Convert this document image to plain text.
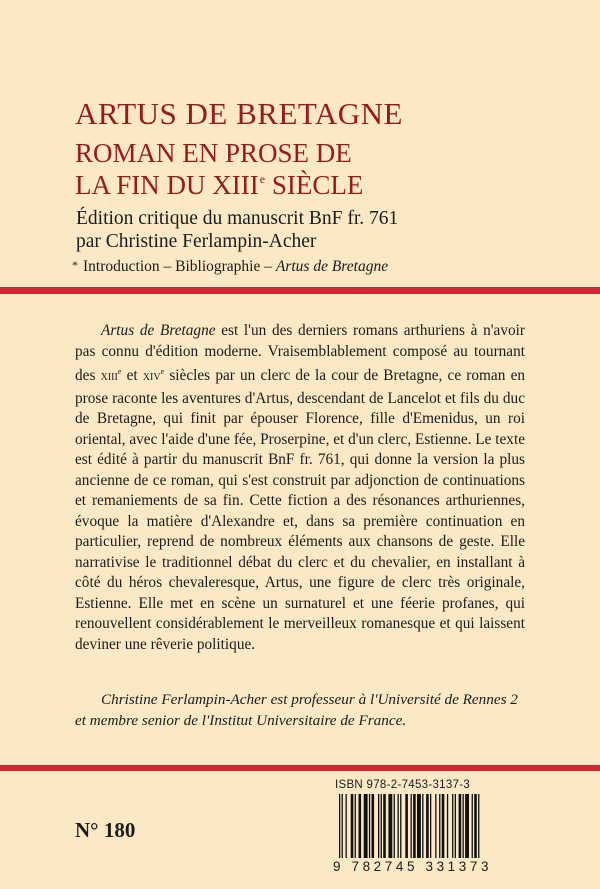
ARTUS DE BRETAGNE
ROMAN EN PROSE DE
LA FIN DU XIIIe SIÈCLE
Édition critique du manuscrit BnF fr. 761
par Christine Ferlampin-Acher
* Introduction – Bibliographie – Artus de Bretagne

Artus de Bretagne est l'un des derniers romans arthuriens à n'avoir pas connu d'édition moderne. Vraisemblablement composé au tournant des XIIIe et XIVe siècles par un clerc de la cour de Bretagne, ce roman en prose raconte les aventures d'Artus, descendant de Lancelot et fils du duc de Bretagne, qui finit par épouser Florence, fille d'Emenidus, un roi oriental, avec l'aide d'une fée, Proserpine, et d'un clerc, Estienne. Le texte est édité à partir du manuscrit BnF fr. 761, qui donne la version la plus ancienne de ce roman, qui s'est construit par adjonction de continuations et remaniements de sa fin. Cette fiction a des résonances arthuriennes, évoque la matière d'Alexandre et, dans sa première continuation en particulier, reprend de nombreux éléments aux chansons de geste. Elle narrativise le traditionnel débat du clerc et du chevalier, en installant à côté du héros chevaleresque, Artus, une figure de clerc très originale, Estienne. Elle met en scène un surnaturel et une féerie profanes, qui renouvellent considérablement le merveilleux romanesque et qui laissent deviner une rêverie politique.

Christine Ferlampin-Acher est professeur à l'Université de Rennes 2 et membre senior de l'Institut Universitaire de France.

N° 180
ISBN 978-2-7453-3137-3
9 782745 331373
